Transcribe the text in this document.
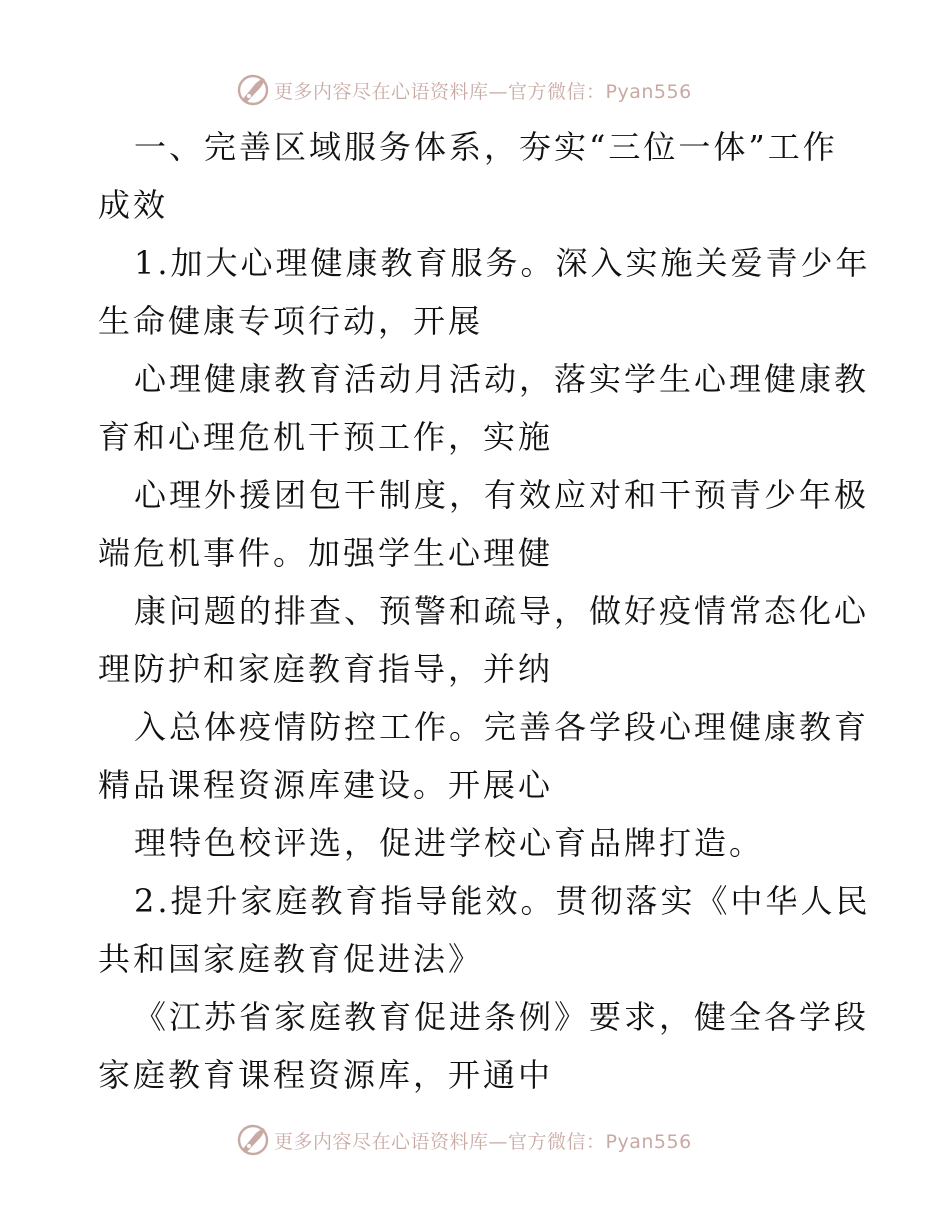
更多内容尽在心语资料库—官方微信：Pyan556
一、完善区域服务体系，夯实“三位一体”工作
成效
1.加大心理健康教育服务。深入实施关爱青少年
生命健康专项行动，开展
心理健康教育活动月活动，落实学生心理健康教
育和心理危机干预工作，实施
心理外援团包干制度，有效应对和干预青少年极
端危机事件。加强学生心理健
康问题的排查、预警和疏导，做好疫情常态化心
理防护和家庭教育指导，并纳
入总体疫情防控工作。完善各学段心理健康教育
精品课程资源库建设。开展心
理特色校评选，促进学校心育品牌打造。
2.提升家庭教育指导能效。贯彻落实《中华人民
共和国家庭教育促进法》
《江苏省家庭教育促进条例》要求，健全各学段
家庭教育课程资源库，开通中
更多内容尽在心语资料库—官方微信：Pyan556
